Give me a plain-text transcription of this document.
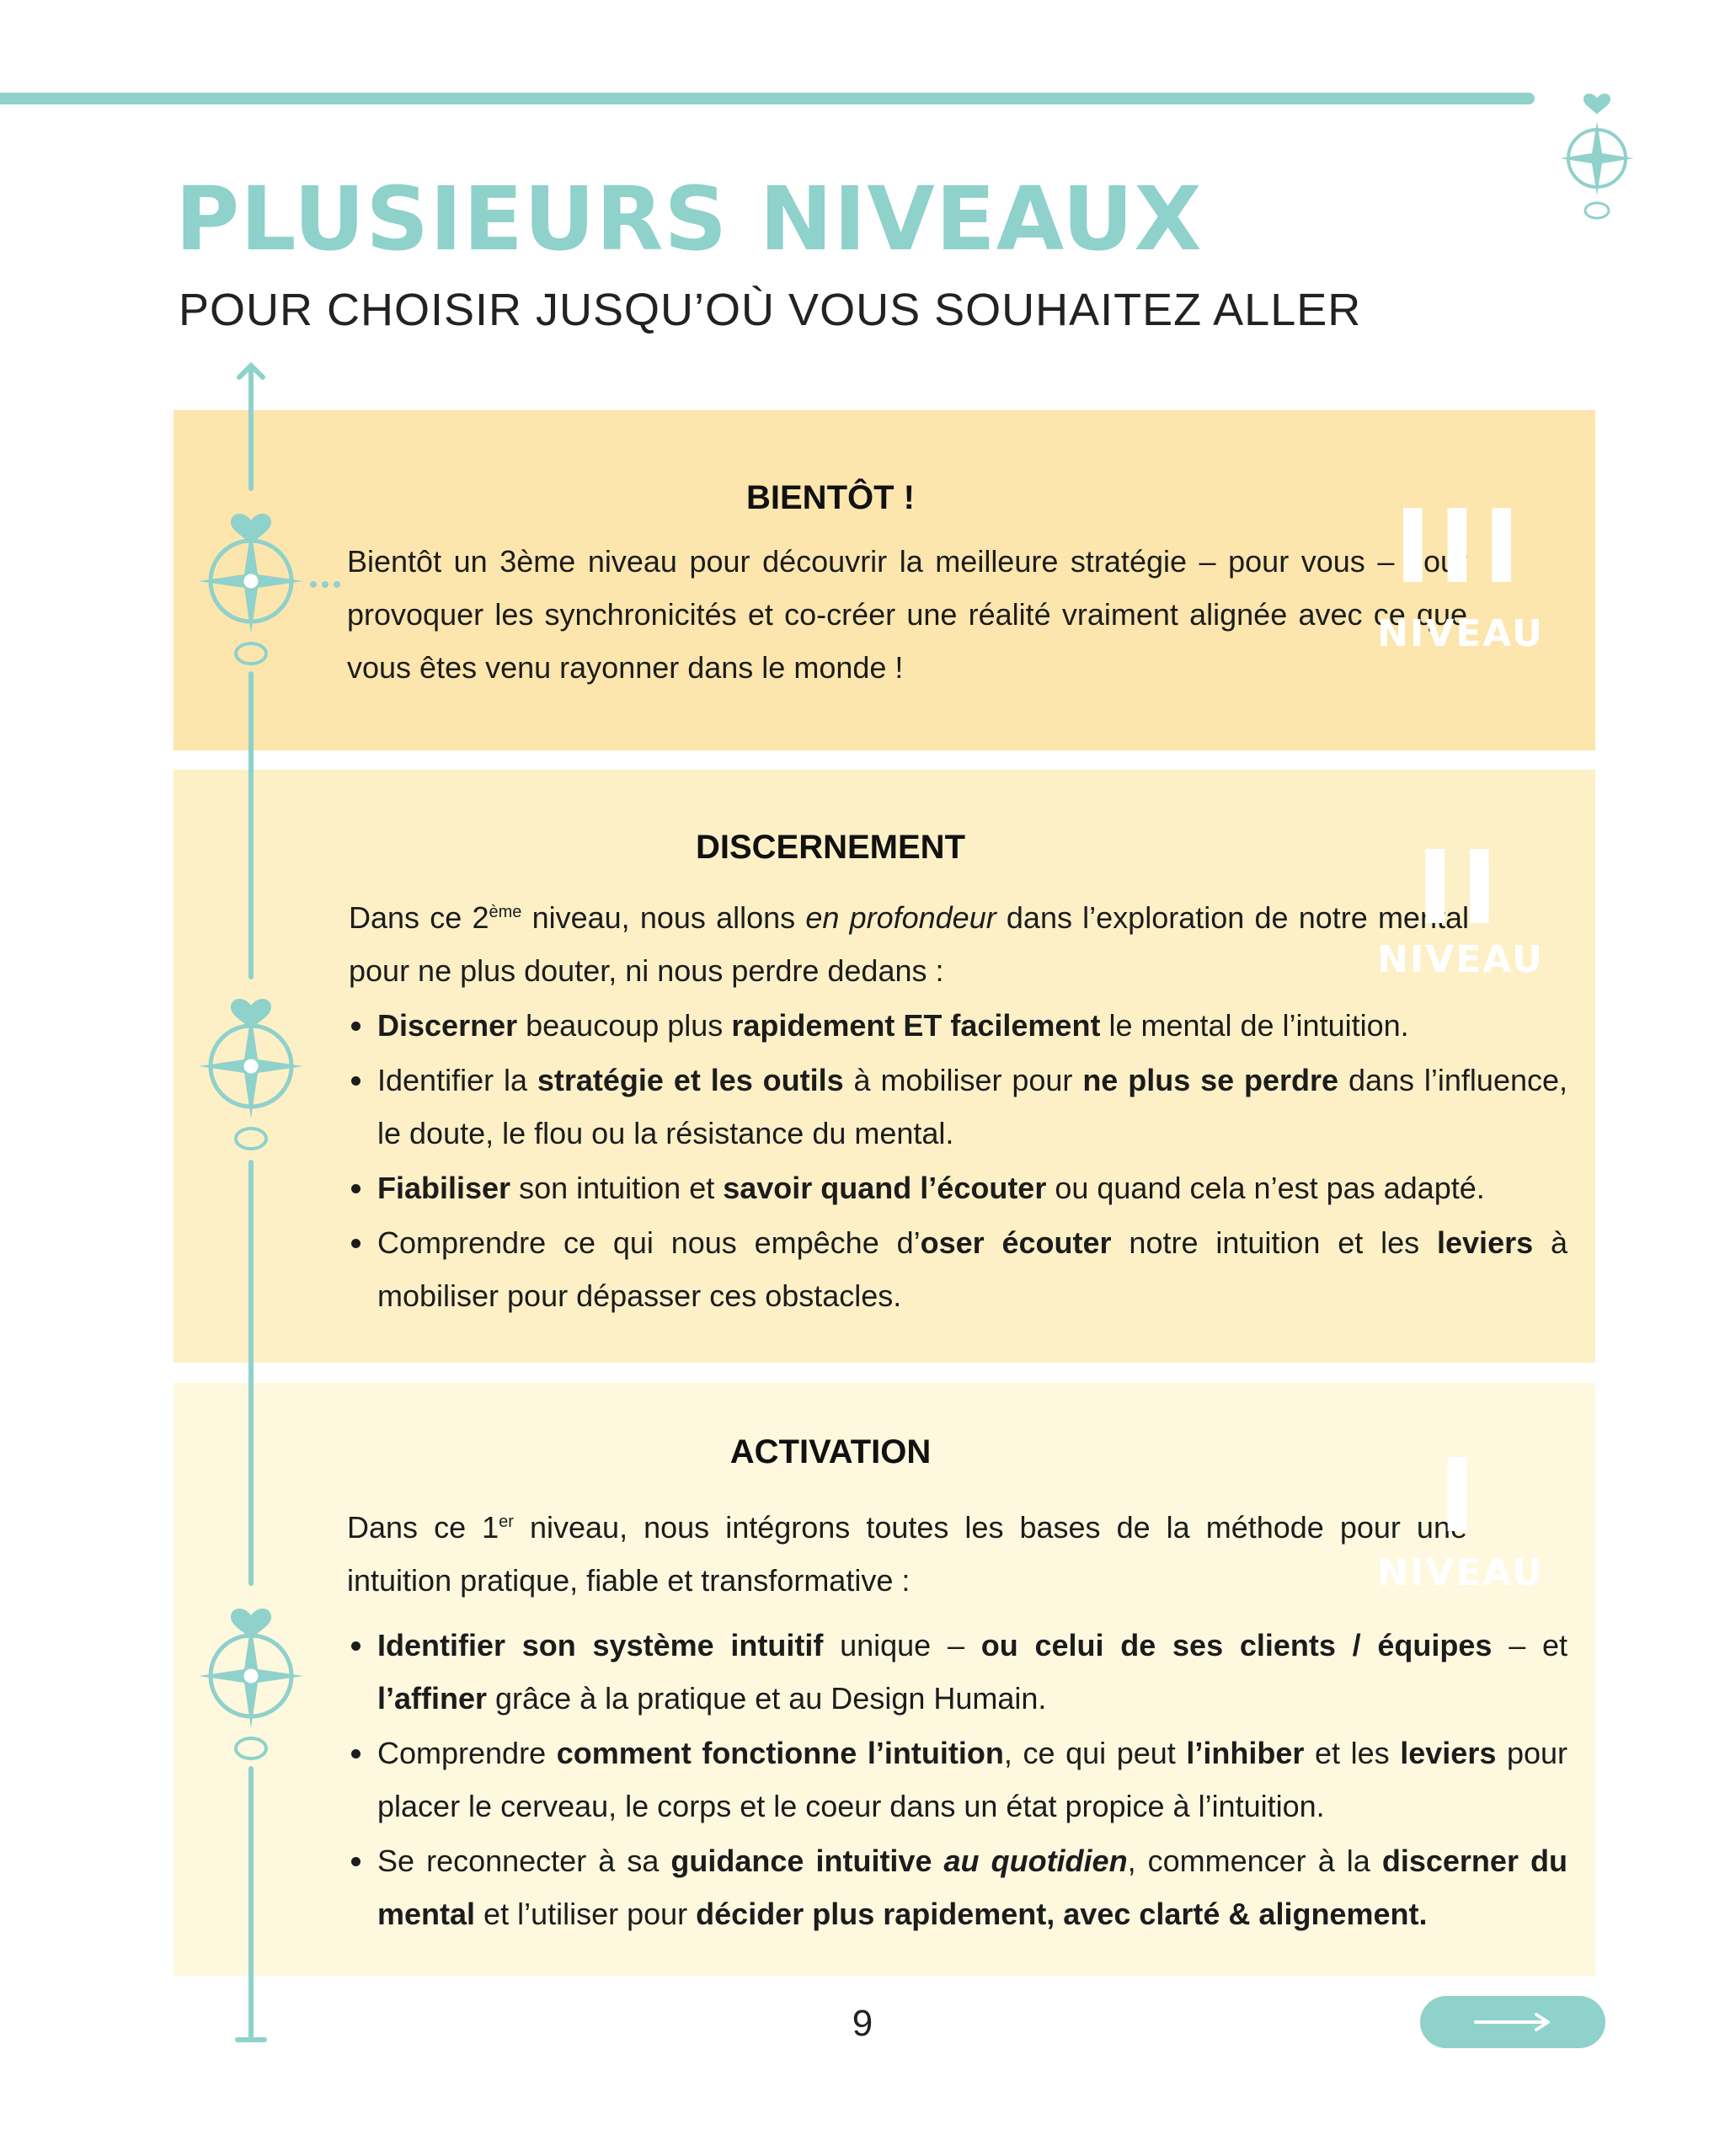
PLUSIEURS NIVEAUX
POUR CHOISIR JUSQU’OÙ VOUS SOUHAITEZ ALLER
BIENTÔT !

Bientôt un 3ème niveau pour découvrir la meilleure stratégie – pour vous – pour provoquer les synchronicités et co-créer une réalité vraiment alignée avec ce que vous êtes venu rayonner dans le monde !

III
NIVEAU
DISCERNEMENT

Dans ce 2ème niveau, nous allons en profondeur dans l’exploration de notre mental pour ne plus douter, ni nous perdre dedans :

• Discerner beaucoup plus rapidement ET facilement le mental de l’intuition.
• Identifier la stratégie et les outils à mobiliser pour ne plus se perdre dans l’influence, le doute, le flou ou la résistance du mental.
• Fiabiliser son intuition et savoir quand l’écouter ou quand cela n’est pas adapté.
• Comprendre ce qui nous empêche d’oser écouter notre intuition et les leviers à mobiliser pour dépasser ces obstacles.
II
NIVEAU
ACTIVATION

Dans ce 1er niveau, nous intégrons toutes les bases de la méthode pour une intuition pratique, fiable et transformative :

• Identifier son système intuitif unique – ou celui de ses clients / équipes – et l’affiner grâce à la pratique et au Design Humain.
• Comprendre comment fonctionne l’intuition, ce qui peut l’inhiber et les leviers pour placer le cerveau, le corps et le coeur dans un état propice à l’intuition.
• Se reconnecter à sa guidance intuitive au quotidien, commencer à la discerner du mental et l’utiliser pour décider plus rapidement, avec clarté & alignement.
I
NIVEAU
9
